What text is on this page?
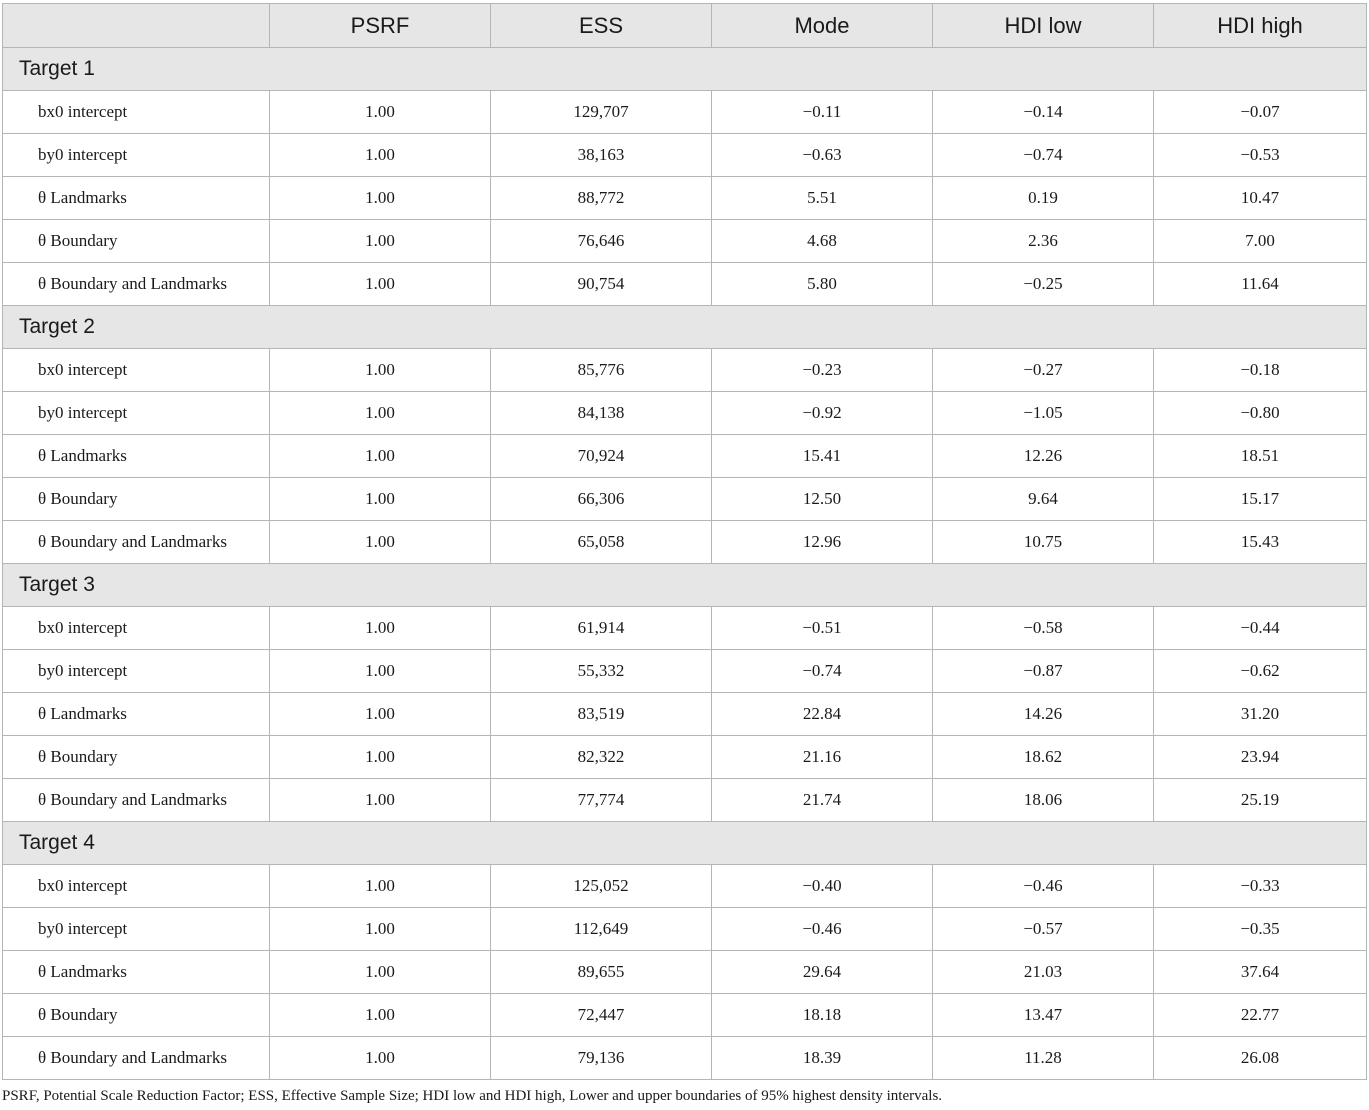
	PSRF	ESS	Mode	HDI low	HDI high
Target 1					
bx0 intercept	1.00	129,707	−0.11	−0.14	−0.07
by0 intercept	1.00	38,163	−0.63	−0.74	−0.53
θ Landmarks	1.00	88,772	5.51	0.19	10.47
θ Boundary	1.00	76,646	4.68	2.36	7.00
θ Boundary and Landmarks	1.00	90,754	5.80	−0.25	11.64
Target 2					
bx0 intercept	1.00	85,776	−0.23	−0.27	−0.18
by0 intercept	1.00	84,138	−0.92	−1.05	−0.80
θ Landmarks	1.00	70,924	15.41	12.26	18.51
θ Boundary	1.00	66,306	12.50	9.64	15.17
θ Boundary and Landmarks	1.00	65,058	12.96	10.75	15.43
Target 3					
bx0 intercept	1.00	61,914	−0.51	−0.58	−0.44
by0 intercept	1.00	55,332	−0.74	−0.87	−0.62
θ Landmarks	1.00	83,519	22.84	14.26	31.20
θ Boundary	1.00	82,322	21.16	18.62	23.94
θ Boundary and Landmarks	1.00	77,774	21.74	18.06	25.19
Target 4					
bx0 intercept	1.00	125,052	−0.40	−0.46	−0.33
by0 intercept	1.00	112,649	−0.46	−0.57	−0.35
θ Landmarks	1.00	89,655	29.64	21.03	37.64
θ Boundary	1.00	72,447	18.18	13.47	22.77
θ Boundary and Landmarks	1.00	79,136	18.39	11.28	26.08
PSRF, Potential Scale Reduction Factor; ESS, Effective Sample Size; HDI low and HDI high, Lower and upper boundaries of 95% highest density intervals.
